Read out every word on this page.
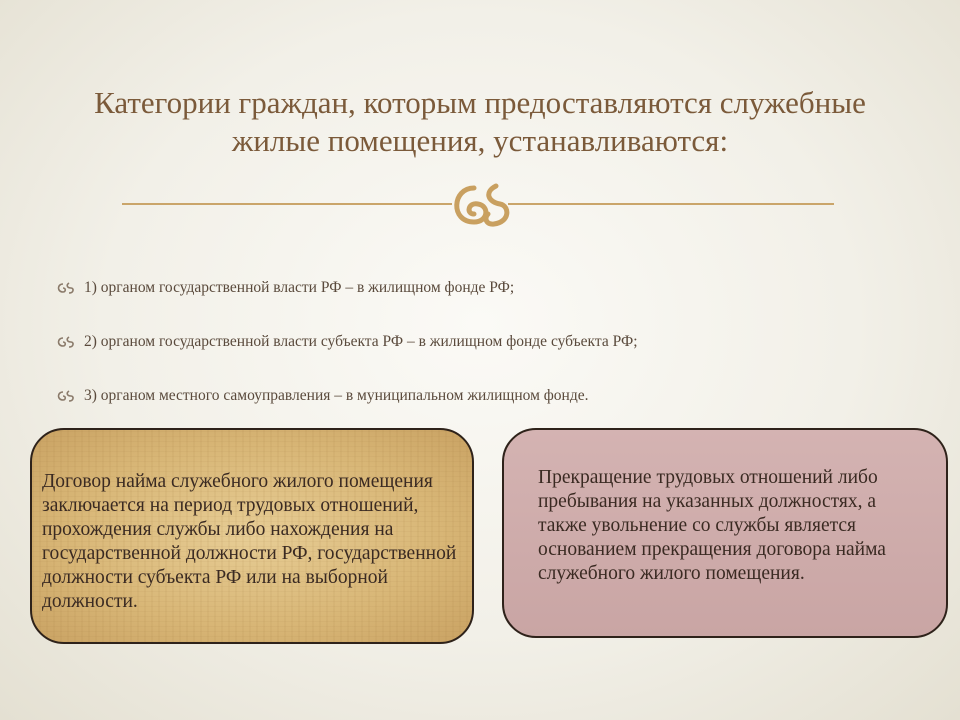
Категории граждан, которым предоставляются служебные жилые помещения, устанавливаются:
1) органом государственной власти РФ – в жилищном фонде РФ;
2) органом государственной власти субъекта РФ – в жилищном фонде субъекта РФ;
3) органом местного самоуправления – в муниципальном жилищном фонде.

Договор найма служебного жилого помещения заключается на период трудовых отношений, прохождения службы либо нахождения на государственной должности РФ, государственной должности субъекта РФ или на выборной должности.

Прекращение трудовых отношений либо пребывания на указанных должностях, а также увольнение со службы является основанием прекращения договора найма служебного жилого помещения.
